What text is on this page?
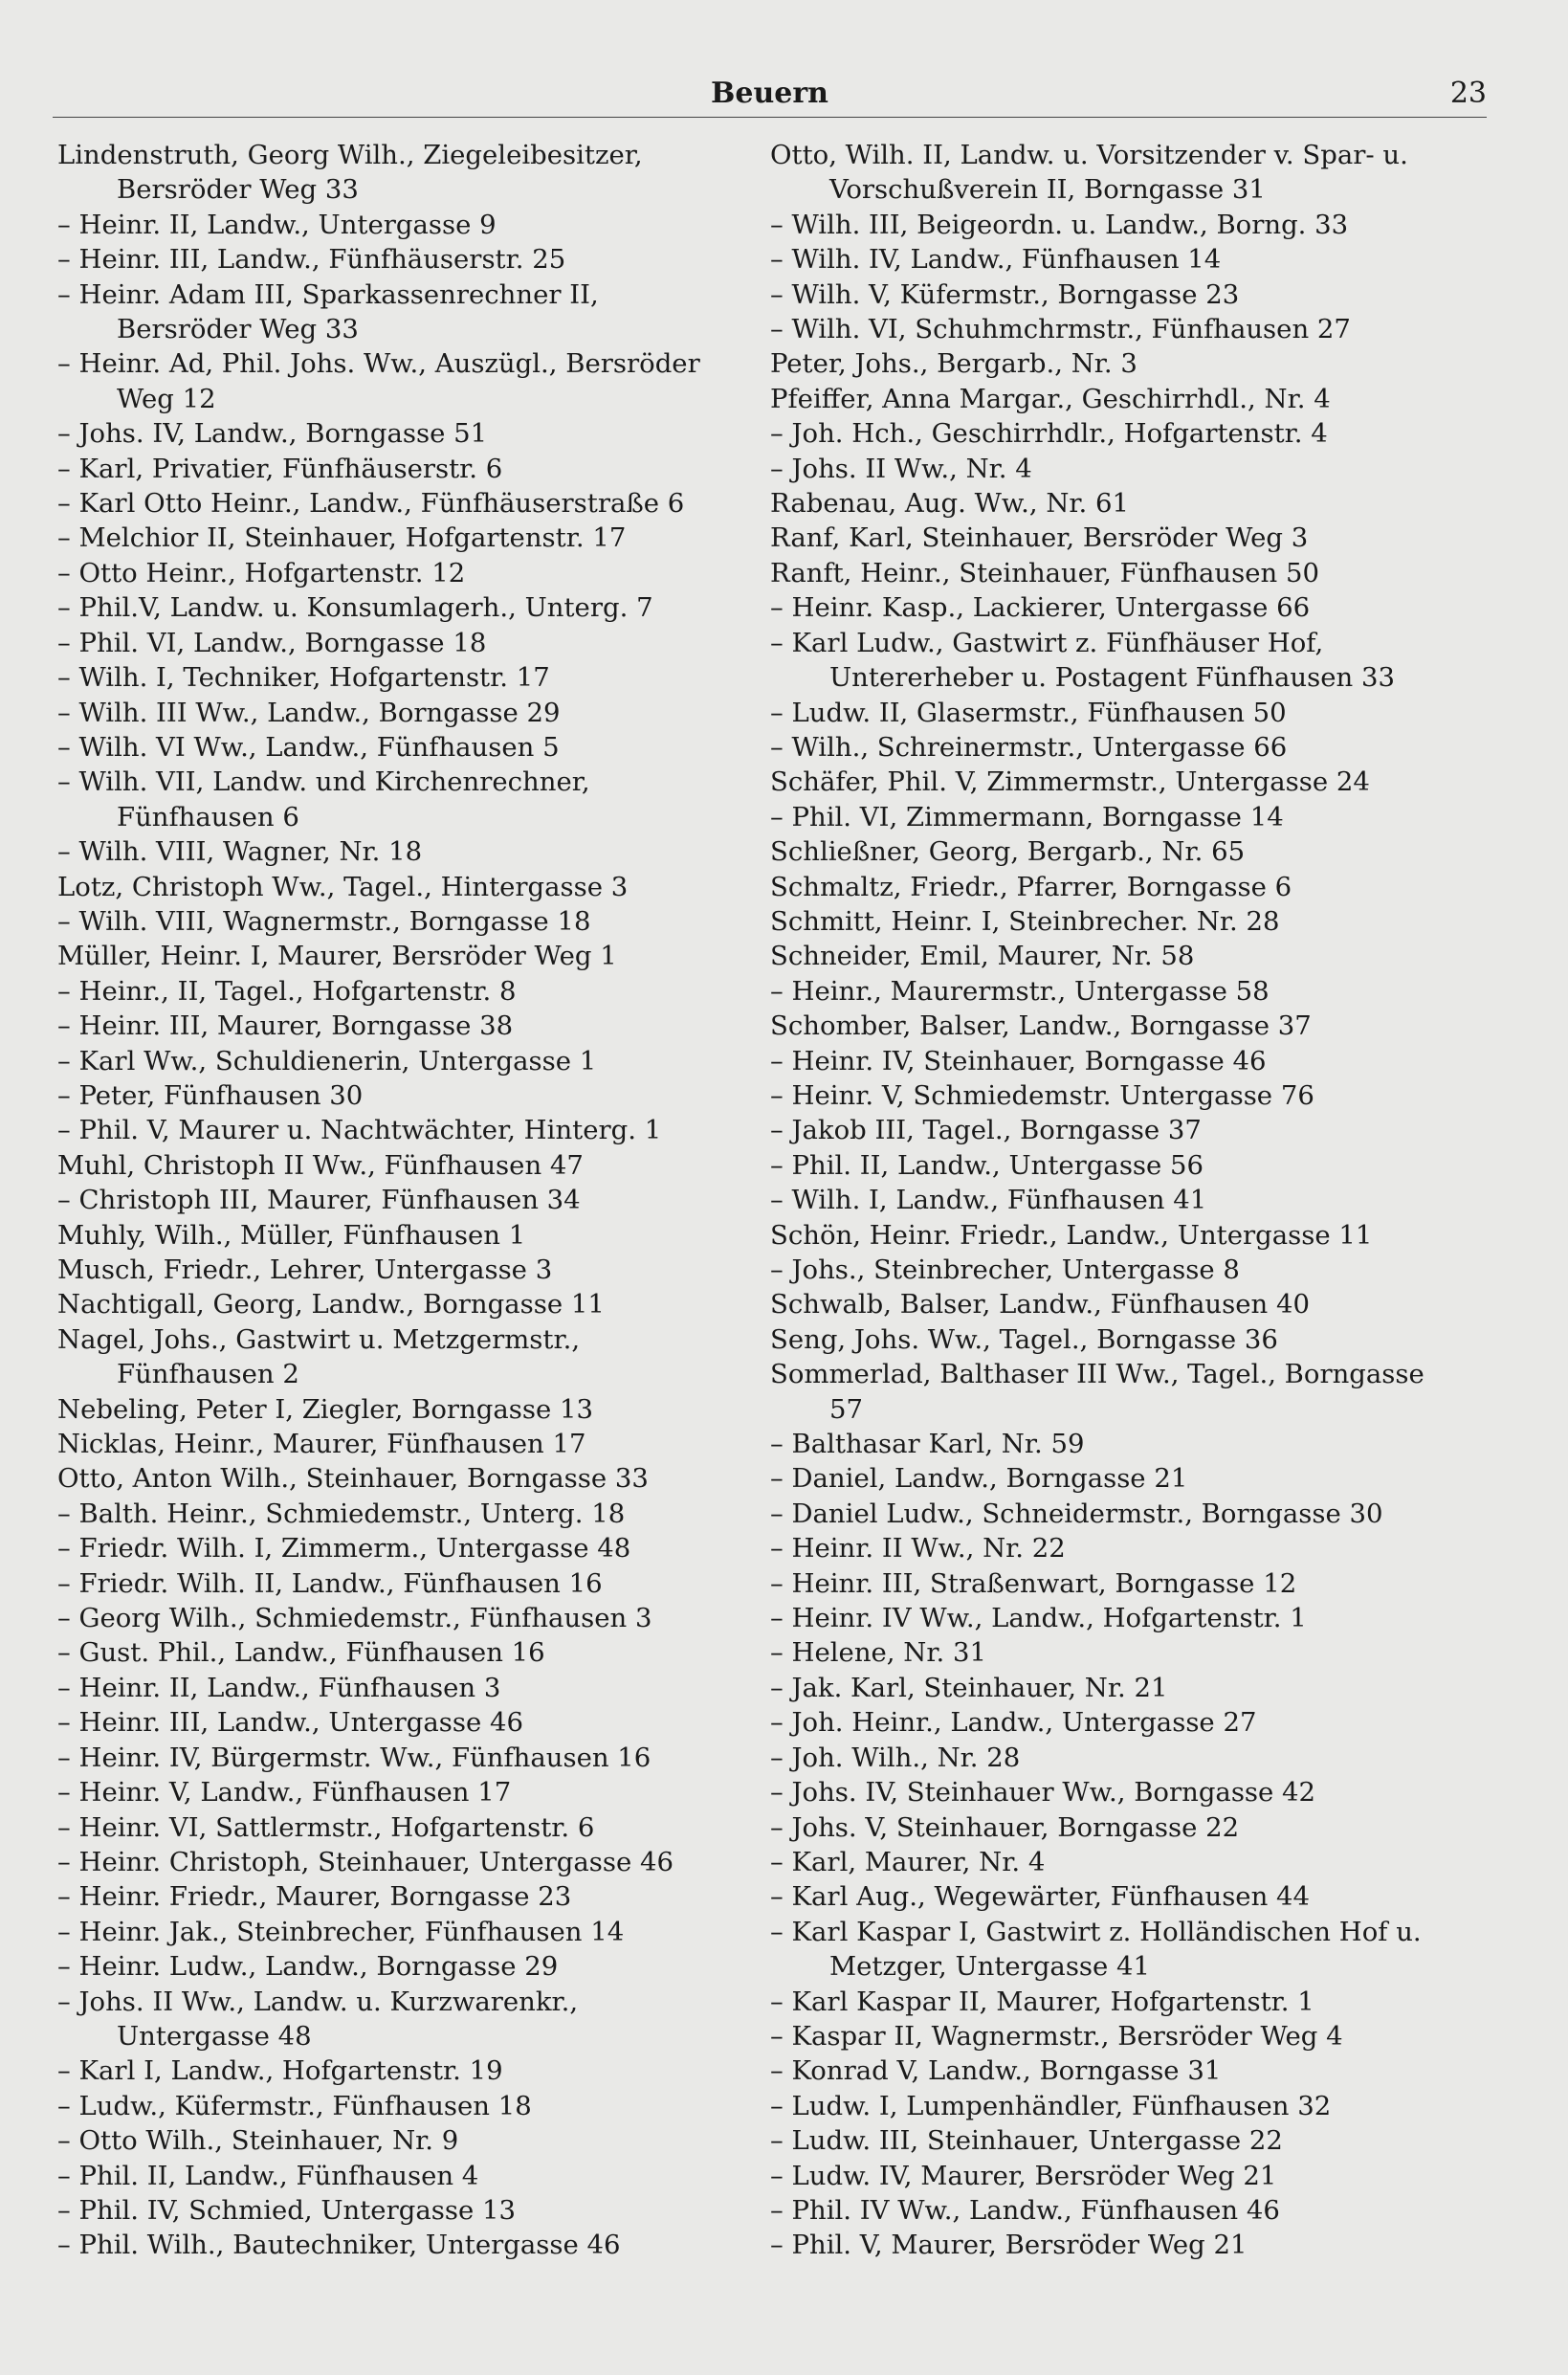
Beuern	23
Lindenstruth, Georg Wilh., Ziegeleibesitzer, Bersröder Weg 33
– Heinr. II, Landw., Untergasse 9
– Heinr. III, Landw., Fünfhäuserstr. 25
– Heinr. Adam III, Sparkassenrechner II, Bersröder Weg 33
– Heinr. Ad, Phil. Johs. Ww., Auszügl., Bersröder Weg 12
– Johs. IV, Landw., Borngasse 51
– Karl, Privatier, Fünfhäuserstr. 6
– Karl Otto Heinr., Landw., Fünfhäuserstraße 6
– Melchior II, Steinhauer, Hofgartenstr. 17
– Otto Heinr., Hofgartenstr. 12
– Phil.V, Landw. u. Konsumlagerh., Unterg. 7
– Phil. VI, Landw., Borngasse 18
– Wilh. I, Techniker, Hofgartenstr. 17
– Wilh. III Ww., Landw., Borngasse 29
– Wilh. VI Ww., Landw., Fünfhausen 5
– Wilh. VII, Landw. und Kirchenrechner, Fünfhausen 6
– Wilh. VIII, Wagner, Nr. 18
Lotz, Christoph Ww., Tagel., Hintergasse 3
– Wilh. VIII, Wagnermstr., Borngasse 18
Müller, Heinr. I, Maurer, Bersröder Weg 1
– Heinr., II, Tagel., Hofgartenstr. 8
– Heinr. III, Maurer, Borngasse 38
– Karl Ww., Schuldienerin, Untergasse 1
– Peter, Fünfhausen 30
– Phil. V, Maurer u. Nachtwächter, Hinterg. 1
Muhl, Christoph II Ww., Fünfhausen 47
– Christoph III, Maurer, Fünfhausen 34
Muhly, Wilh., Müller, Fünfhausen 1
Musch, Friedr., Lehrer, Untergasse 3
Nachtigall, Georg, Landw., Borngasse 11
Nagel, Johs., Gastwirt u. Metzgermstr., Fünfhausen 2
Nebeling, Peter I, Ziegler, Borngasse 13
Nicklas, Heinr., Maurer, Fünfhausen 17
Otto, Anton Wilh., Steinhauer, Borngasse 33
– Balth. Heinr., Schmiedemstr., Unterg. 18
– Friedr. Wilh. I, Zimmerm., Untergasse 48
– Friedr. Wilh. II, Landw., Fünfhausen 16
– Georg Wilh., Schmiedemstr., Fünfhausen 3
– Gust. Phil., Landw., Fünfhausen 16
– Heinr. II, Landw., Fünfhausen 3
– Heinr. III, Landw., Untergasse 46
– Heinr. IV, Bürgermstr. Ww., Fünfhausen 16
– Heinr. V, Landw., Fünfhausen 17
– Heinr. VI, Sattlermstr., Hofgartenstr. 6
– Heinr. Christoph, Steinhauer, Untergasse 46
– Heinr. Friedr., Maurer, Borngasse 23
– Heinr. Jak., Steinbrecher, Fünfhausen 14
– Heinr. Ludw., Landw., Borngasse 29
– Johs. II Ww., Landw. u. Kurzwarenkr., Untergasse 48
– Karl I, Landw., Hofgartenstr. 19
– Ludw., Küfermstr., Fünfhausen 18
– Otto Wilh., Steinhauer, Nr. 9
– Phil. II, Landw., Fünfhausen 4
– Phil. IV, Schmied, Untergasse 13
– Phil. Wilh., Bautechniker, Untergasse 46
Otto, Wilh. II, Landw. u. Vorsitzender v. Spar- u. Vorschußverein II, Borngasse 31
– Wilh. III, Beigeordn. u. Landw., Borng. 33
– Wilh. IV, Landw., Fünfhausen 14
– Wilh. V, Küfermstr., Borngasse 23
– Wilh. VI, Schuhmchrmstr., Fünfhausen 27
Peter, Johs., Bergarb., Nr. 3
Pfeiffer, Anna Margar., Geschirrhdl., Nr. 4
– Joh. Hch., Geschirrhdlr., Hofgartenstr. 4
– Johs. II Ww., Nr. 4
Rabenau, Aug. Ww., Nr. 61
Ranf, Karl, Steinhauer, Bersröder Weg 3
Ranft, Heinr., Steinhauer, Fünfhausen 50
– Heinr. Kasp., Lackierer, Untergasse 66
– Karl Ludw., Gastwirt z. Fünfhäuser Hof, Untererheber u. Postagent Fünfhausen 33
– Ludw. II, Glasermstr., Fünfhausen 50
– Wilh., Schreinermstr., Untergasse 66
Schäfer, Phil. V, Zimmermstr., Untergasse 24
– Phil. VI, Zimmermann, Borngasse 14
Schließner, Georg, Bergarb., Nr. 65
Schmaltz, Friedr., Pfarrer, Borngasse 6
Schmitt, Heinr. I, Steinbrecher. Nr. 28
Schneider, Emil, Maurer, Nr. 58
– Heinr., Maurermstr., Untergasse 58
Schomber, Balser, Landw., Borngasse 37
– Heinr. IV, Steinhauer, Borngasse 46
– Heinr. V, Schmiedemstr. Untergasse 76
– Jakob III, Tagel., Borngasse 37
– Phil. II, Landw., Untergasse 56
– Wilh. I, Landw., Fünfhausen 41
Schön, Heinr. Friedr., Landw., Untergasse 11
– Johs., Steinbrecher, Untergasse 8
Schwalb, Balser, Landw., Fünfhausen 40
Seng, Johs. Ww., Tagel., Borngasse 36
Sommerlad, Balthaser III Ww., Tagel., Borngasse 57
– Balthasar Karl, Nr. 59
– Daniel, Landw., Borngasse 21
– Daniel Ludw., Schneidermstr., Borngasse 30
– Heinr. II Ww., Nr. 22
– Heinr. III, Straßenwart, Borngasse 12
– Heinr. IV Ww., Landw., Hofgartenstr. 1
– Helene, Nr. 31
– Jak. Karl, Steinhauer, Nr. 21
– Joh. Heinr., Landw., Untergasse 27
– Joh. Wilh., Nr. 28
– Johs. IV, Steinhauer Ww., Borngasse 42
– Johs. V, Steinhauer, Borngasse 22
– Karl, Maurer, Nr. 4
– Karl Aug., Wegewärter, Fünfhausen 44
– Karl Kaspar I, Gastwirt z. Holländischen Hof u. Metzger, Untergasse 41
– Karl Kaspar II, Maurer, Hofgartenstr. 1
– Kaspar II, Wagnermstr., Bersröder Weg 4
– Konrad V, Landw., Borngasse 31
– Ludw. I, Lumpenhändler, Fünfhausen 32
– Ludw. III, Steinhauer, Untergasse 22
– Ludw. IV, Maurer, Bersröder Weg 21
– Phil. IV Ww., Landw., Fünfhausen 46
– Phil. V, Maurer, Bersröder Weg 21
